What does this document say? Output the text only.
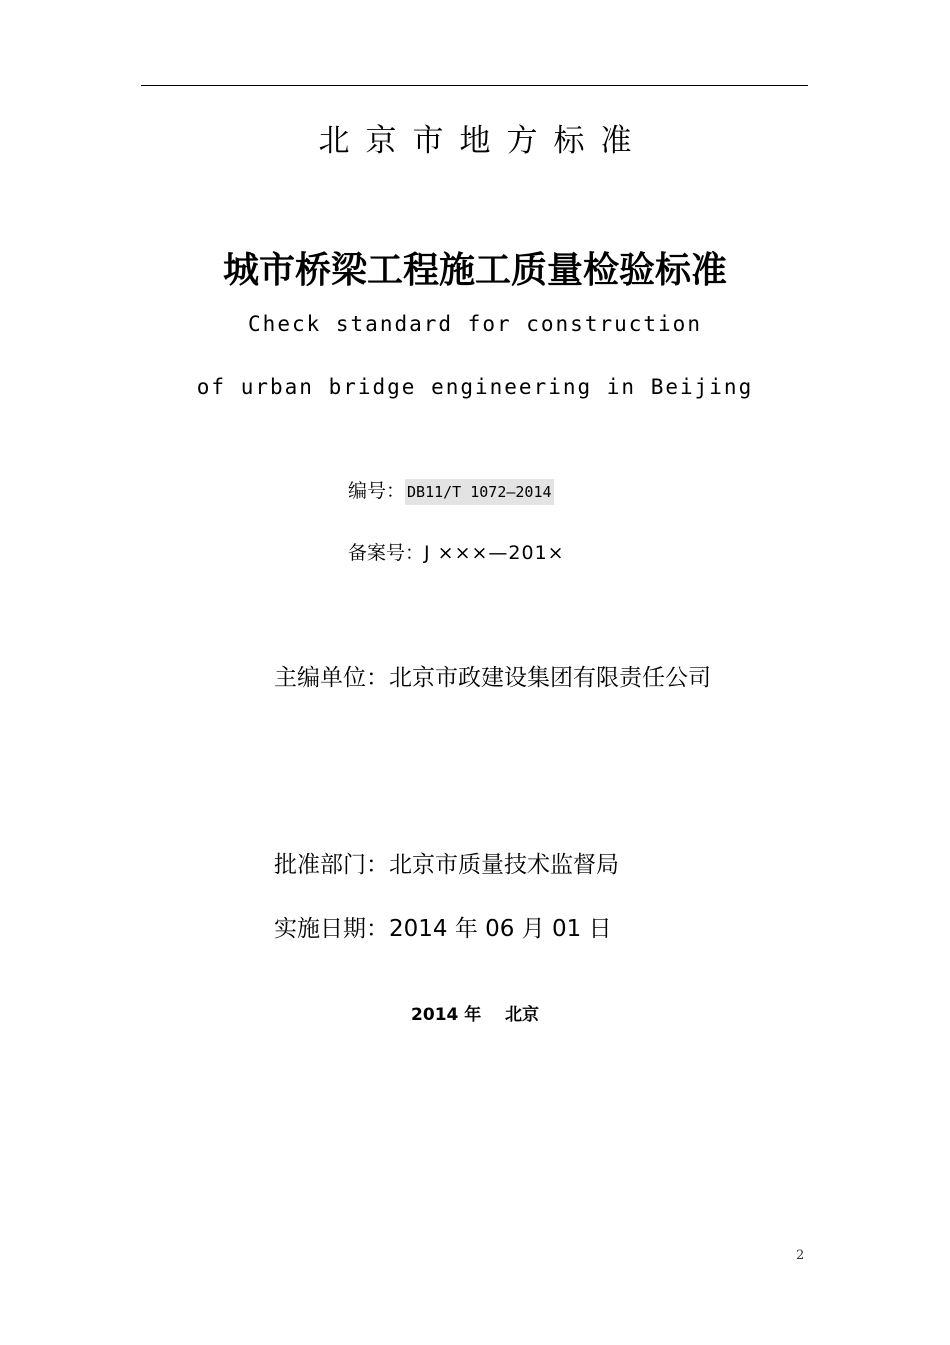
北京市地方标准
城市桥梁工程施工质量检验标准
Check standard for construction
of urban bridge engineering in Beijing
编号： DB11/T 1072—2014
备案号：J ×××—201×
主编单位：北京市政建设集团有限责任公司
批准部门：北京市质量技术监督局
实施日期：2014 年 06 月 01 日
2014 年    北京
2
